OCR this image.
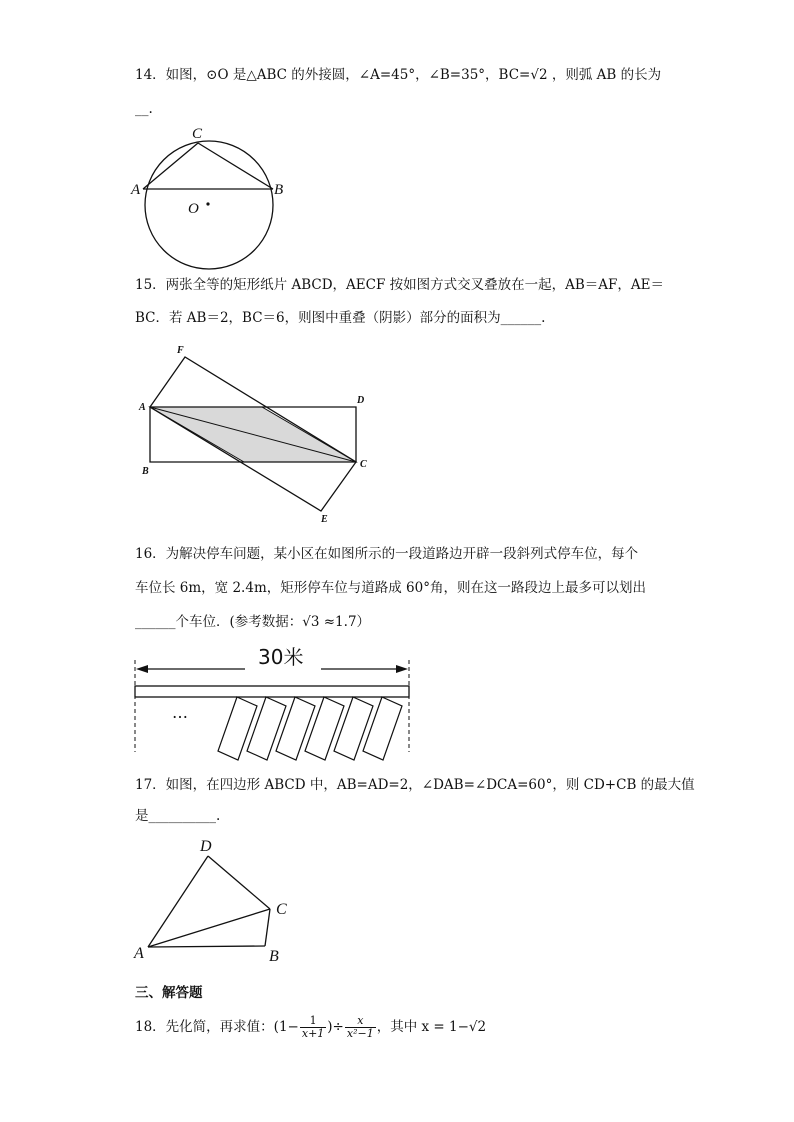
14．如图，⊙O 是△ABC 的外接圆，∠A=45°，∠B=35°，BC=√2 ，则弧 AB 的长为
__.
A	B
C
O
15．两张全等的矩形纸片 ABCD，AECF 按如图方式交叉叠放在一起，AB＝AF，AE＝
BC．若 AB＝2，BC＝6，则图中重叠（阴影）部分的面积为______.
F
A
D
B
C
E
16．为解决停车问题，某小区在如图所示的一段道路边开辟一段斜列式停车位，每个
车位长 6m，宽 2.4m，矩形停车位与道路成 60°角，则在这一路段边上最多可以划出
______个车位．(参考数据：√3 ≈1.7）
30米
…
17．如图，在四边形 ABCD 中，AB=AD=2，∠DAB=∠DCA=60°，则 CD+CB 的最大值
是__________.
D
C
A	B
三、解答题
18．先化简，再求值：($1- \frac{1}{x+1}$ )÷ $\frac{x}{\text{x²−1}}$ ，其中 x = 1−√2
